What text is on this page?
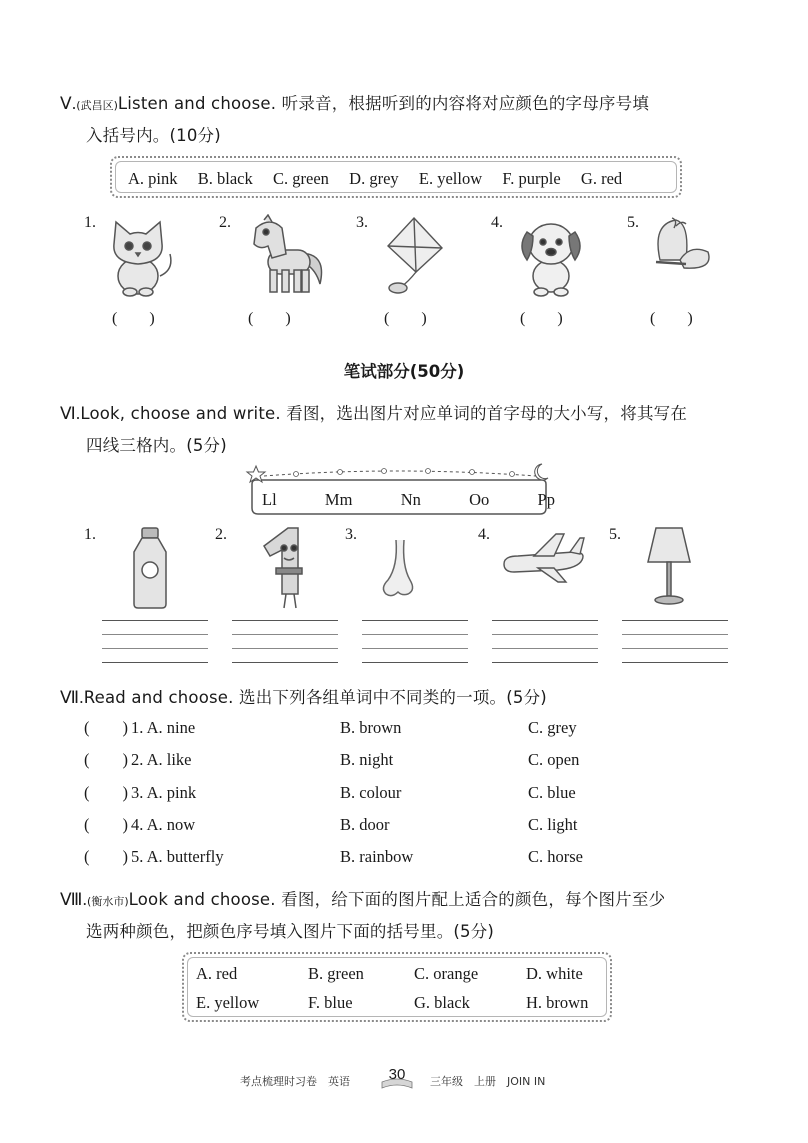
Ⅴ.(武昌区)Listen and choose. 听录音，根据听到的内容将对应颜色的字母序号填
入括号内。(10分)
A. pink B. black C. green D. grey E. yellow F. purple G. red
1.	2.	3.	4.	5.
(        )	(        )	(        )	(        )	(        )
笔试部分(50分)
Ⅵ.Look, choose and write. 看图，选出图片对应单词的首字母的大小写，将其写在
四线三格内。(5分)
Ll	Mm	Nn	Oo	Pp
1.	2.	3.	4.	5.
Ⅶ.Read and choose. 选出下列各组单词中不同类的一项。(5分)
(        ) 1. A. nine	B. brown	C. grey
(        ) 2. A. like	B. night	C. open
(        ) 3. A. pink	B. colour	C. blue
(        ) 4. A. now	B. door	C. light
(        ) 5. A. butterfly	B. rainbow	C. horse
Ⅷ.(衡水市)Look and choose. 看图，给下面的图片配上适合的颜色，每个图片至少
选两种颜色，把颜色序号填入图片下面的括号里。(5分)
A. red	B. green	C. orange	D. white
E. yellow	F. blue	G. black	H. brown
考点梳理时习卷　英语	30	三年级　上册　JOIN IN
